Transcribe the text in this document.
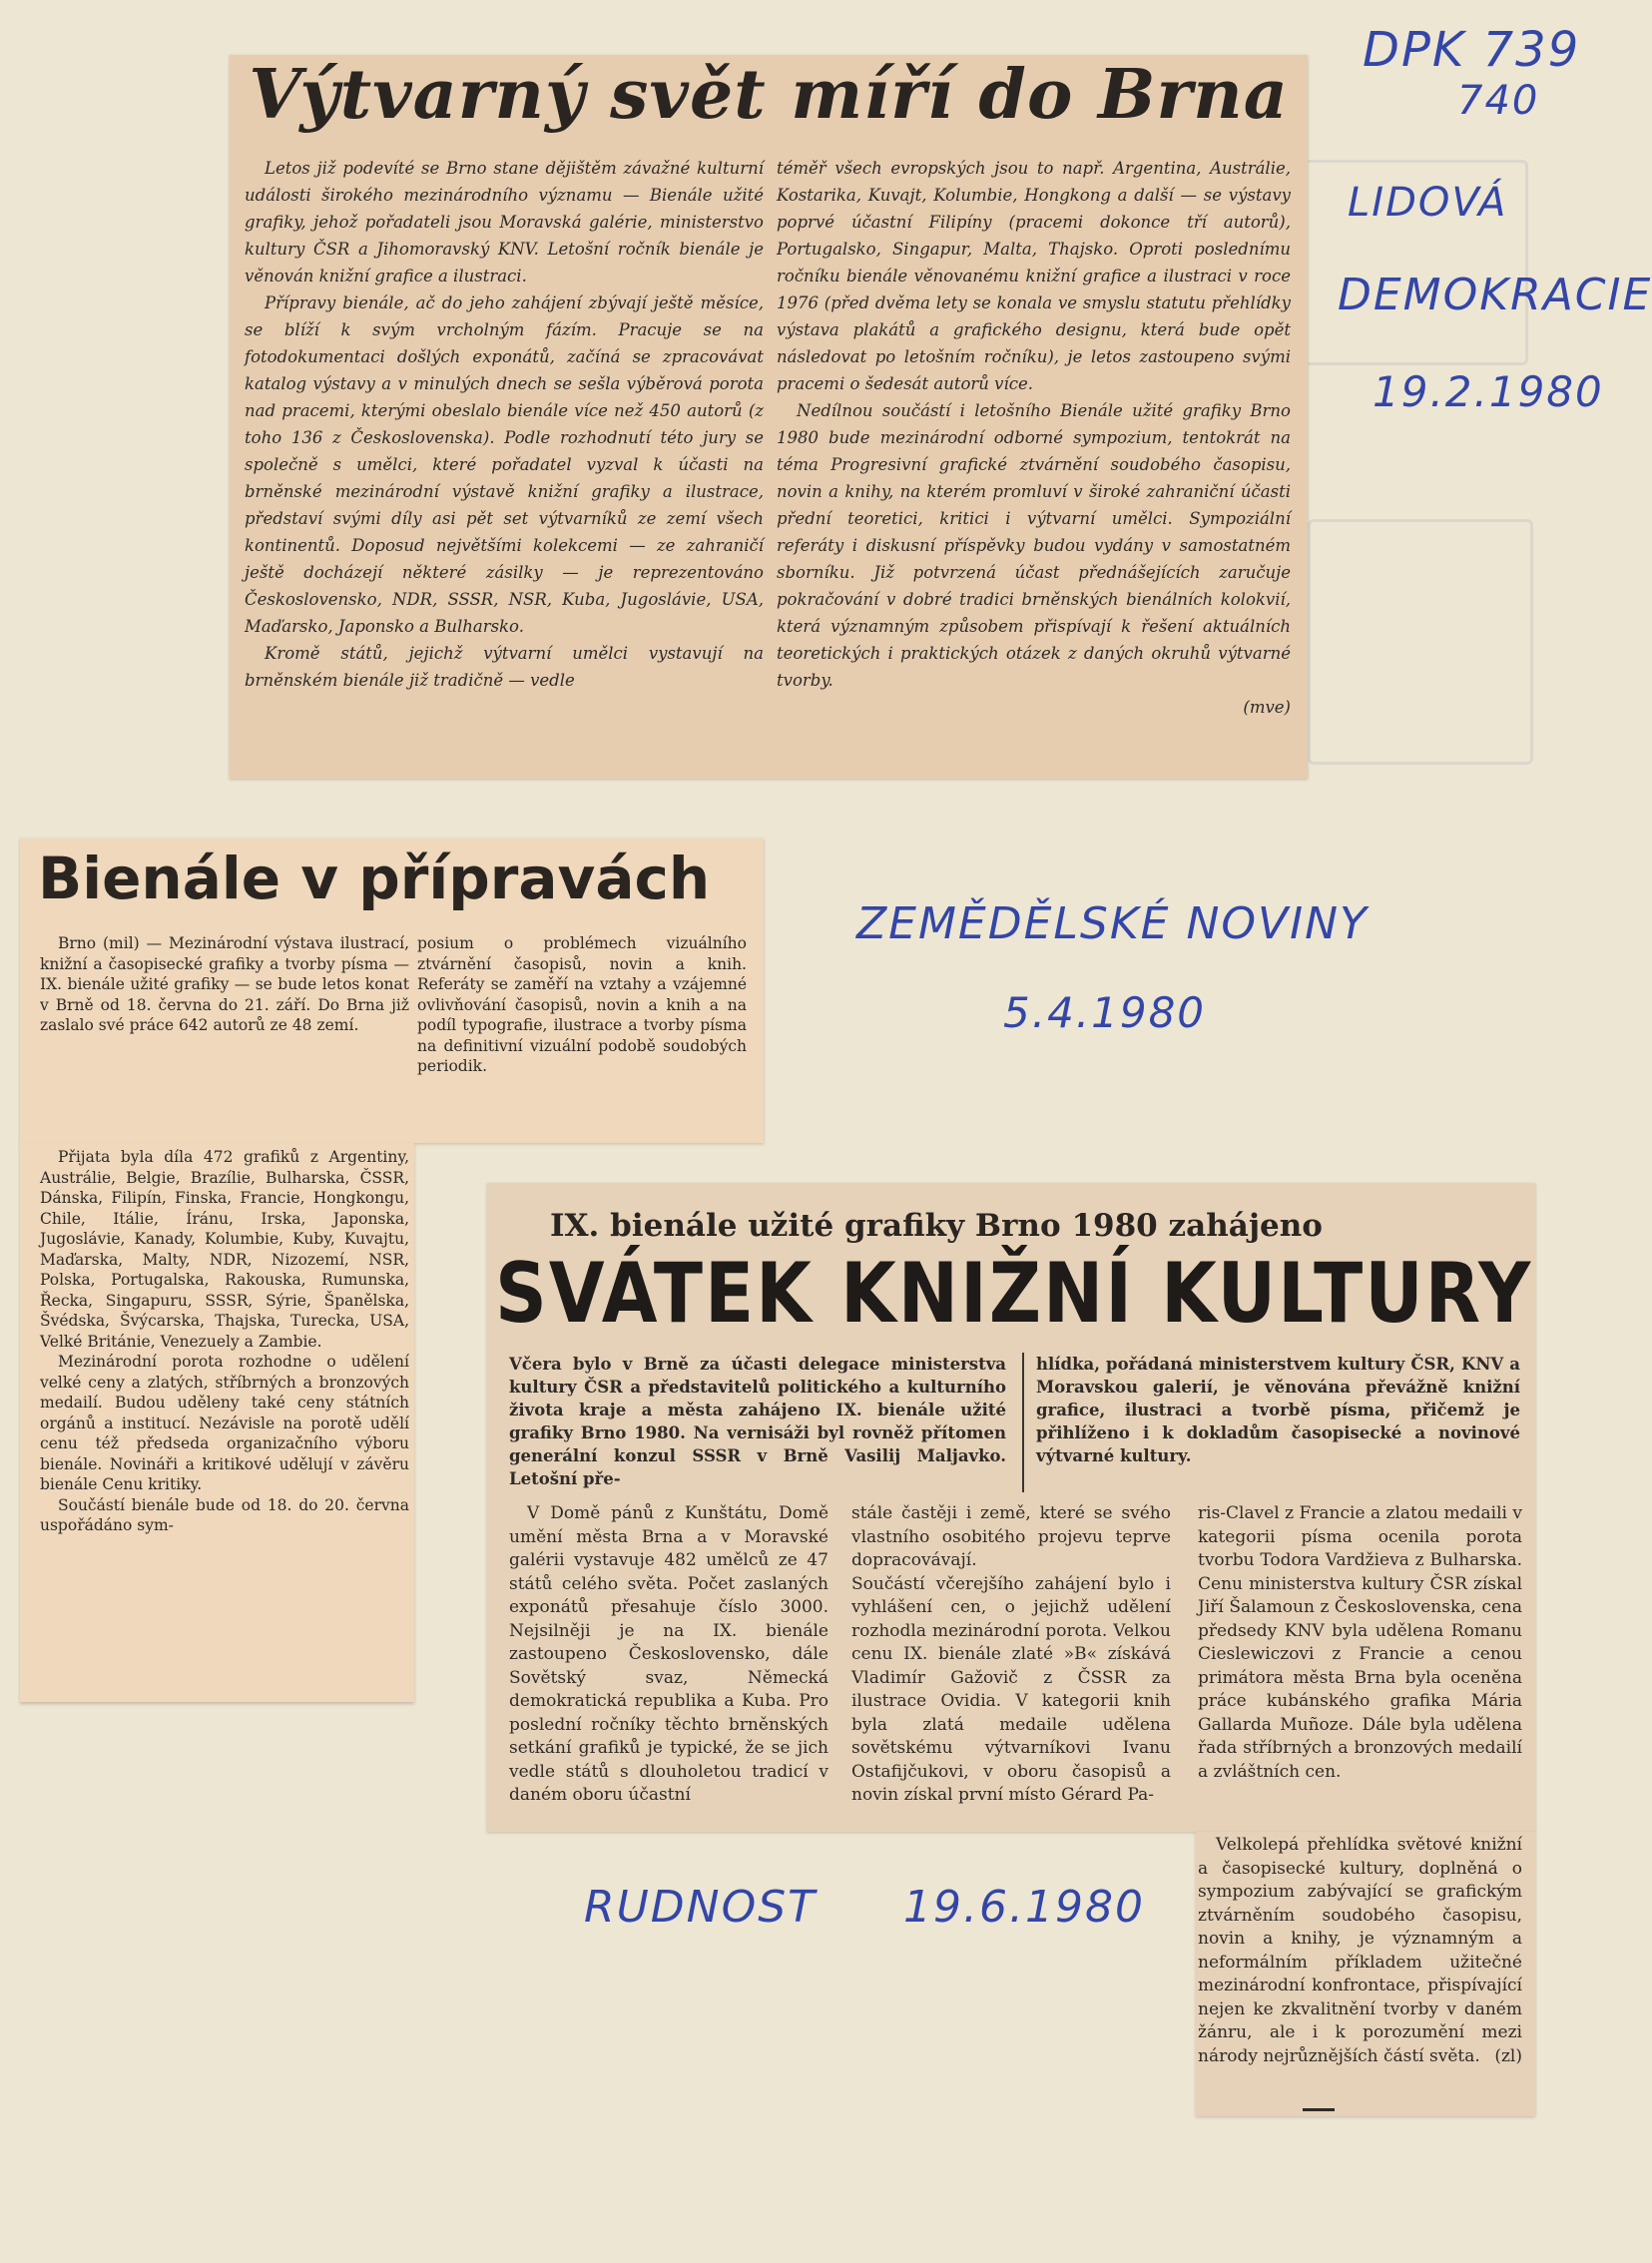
DPK 739
740
LIDOVÁ
DEMOKRACIE
19.2.1980
ZEMĚDĚLSKÉ NOVINY
5.4.1980
RUDNOST 19.6.1980
Výtvarný svět míří do Brna
Letos již podevíté se Brno stane dějištěm závažné kulturní události širokého mezinárodního významu — Bienále užité grafiky, jehož pořadateli jsou Moravská galérie, ministerstvo kultury ČSR a Jihomoravský KNV. Letošní ročník bienále je věnován knižní grafice a ilustraci.
Přípravy bienále, ač do jeho zahájení zbývají ještě měsíce, se blíží k svým vrcholným fázím. Pracuje se na fotodokumentaci došlých exponátů, začíná se zpracovávat katalog výstavy a v minulých dnech se sešla výběrová porota nad pracemi, kterými obeslalo bienále více než 450 autorů (z toho 136 z Československa). Podle rozhodnutí této jury se společně s umělci, které pořadatel vyzval k účasti na brněnské mezinárodní výstavě knižní grafiky a ilustrace, představí svými díly asi pět set výtvarníků ze zemí všech kontinentů. Doposud největšími kolekcemi — ze zahraničí ještě docházejí některé zásilky — je reprezentováno Československo, NDR, SSSR, NSR, Kuba, Jugoslávie, USA, Maďarsko, Japonsko a Bulharsko.
Kromě států, jejichž výtvarní umělci vystavují na brněnském bienále již tradičně — vedle
téměř všech evropských jsou to např. Argentina, Austrálie, Kostarika, Kuvajt, Kolumbie, Hongkong a další — se výstavy poprvé účastní Filipíny (pracemi dokonce tří autorů), Portugalsko, Singapur, Malta, Thajsko. Oproti poslednímu ročníku bienále věnovanému knižní grafice a ilustraci v roce 1976 (před dvěma lety se konala ve smyslu statutu přehlídky výstava plakátů a grafického designu, která bude opět následovat po letošním ročníku), je letos zastoupeno svými pracemi o šedesát autorů více.
Nedílnou součástí i letošního Bienále užité grafiky Brno 1980 bude mezinárodní odborné sympozium, tentokrát na téma Progresivní grafické ztvárnění soudobého časopisu, novin a knihy, na kterém promluví v široké zahraniční účasti přední teoretici, kritici i výtvarní umělci. Sympoziální referáty i diskusní příspěvky budou vydány v samostatném sborníku. Již potvrzená účast přednášejících zaručuje pokračování v dobré tradici brněnských bienálních kolokvií, která významným způsobem přispívají k řešení aktuálních teoretických i praktických otázek z daných okruhů výtvarné tvorby.
(mve)
Bienále v přípravách
Brno (mil) — Mezinárodní výstava ilustrací, knižní a časopisecké grafiky a tvorby písma — IX. bienále užité grafiky — se bude letos konat v Brně od 18. června do 21. září. Do Brna již zaslalo své práce 642 autorů ze 48 zemí.
posium o problémech vizuálního ztvárnění časopisů, novin a knih. Referáty se zaměří na vztahy a vzájemné ovlivňování časopisů, novin a knih a na podíl typografie, ilustrace a tvorby písma na definitivní vizuální podobě soudobých periodik.
Přijata byla díla 472 grafiků z Argentiny, Austrálie, Belgie, Brazílie, Bulharska, ČSSR, Dánska, Filipín, Finska, Francie, Hongkongu, Chile, Itálie, Íránu, Irska, Japonska, Jugoslávie, Kanady, Kolumbie, Kuby, Kuvajtu, Maďarska, Malty, NDR, Nizozemí, NSR, Polska, Portugalska, Rakouska, Rumunska, Řecka, Singapuru, SSSR, Sýrie, Španělska, Švédska, Švýcarska, Thajska, Turecka, USA, Velké Británie, Venezuely a Zambie.
Mezinárodní porota rozhodne o udělení velké ceny a zlatých, stříbrných a bronzových medailí. Budou uděleny také ceny státních orgánů a institucí. Nezávisle na porotě udělí cenu též předseda organizačního výboru bienále. Novináři a kritikové udělují v závěru bienále Cenu kritiky.
Součástí bienále bude od 18. do 20. června uspořádáno sym-
IX. bienále užité grafiky Brno 1980 zahájeno
SVÁTEK KNIŽNÍ KULTURY
Včera bylo v Brně za účasti delegace ministerstva kultury ČSR a představitelů politického a kulturního života kraje a města zahájeno IX. bienále užité grafiky Brno 1980. Na vernisáži byl rovněž přítomen generální konzul SSSR v Brně Vasilij Maljavko. Letošní pře-
hlídka, pořádaná ministerstvem kultury ČSR, KNV a Moravskou galerií, je věnována převážně knižní grafice, ilustraci a tvorbě písma, přičemž je přihlíženo i k dokladům časopisecké a novinové výtvarné kultury.
V Domě pánů z Kunštátu, Domě umění města Brna a v Moravské galérii vystavuje 482 umělců ze 47 států celého světa. Počet zaslaných exponátů přesahuje číslo 3000. Nejsilněji je na IX. bienále zastoupeno Československo, dále Sovětský svaz, Německá demokratická republika a Kuba. Pro poslední ročníky těchto brněnských setkání grafiků je typické, že se jich vedle států s dlouholetou tradicí v daném oboru účastní
stále častěji i země, které se svého vlastního osobitého projevu teprve dopracovávají.
Součástí včerejšího zahájení bylo i vyhlášení cen, o jejichž udělení rozhodla mezinárodní porota. Velkou cenu IX. bienále zlaté »B« získává Vladimír Gažovič z ČSSR za ilustrace Ovidia. V kategorii knih byla zlatá medaile udělena sovětskému výtvarníkovi Ivanu Ostafijčukovi, v oboru časopisů a novin získal první místo Gérard Pa-
ris-Clavel z Francie a zlatou medaili v kategorii písma ocenila porota tvorbu Todora Vardžieva z Bulharska. Cenu ministerstva kultury ČSR získal Jiří Šalamoun z Československa, cena předsedy KNV byla udělena Romanu Cieslewiczovi z Francie a cenou primátora města Brna byla oceněna práce kubánského grafika Mária Gallarda Muñoze. Dále byla udělena řada stříbrných a bronzových medailí a zvláštních cen.
Velkolepá přehlídka světové knižní a časopisecké kultury, doplněná o sympozium zabývající se grafickým ztvárněním soudobého časopisu, novin a knihy, je významným a neformálním příkladem užitečné mezinárodní konfrontace, přispívající nejen ke zkvalitnění tvorby v daném žánru, ale i k porozumění mezi národy nejrůznějších částí světa. (zl)
